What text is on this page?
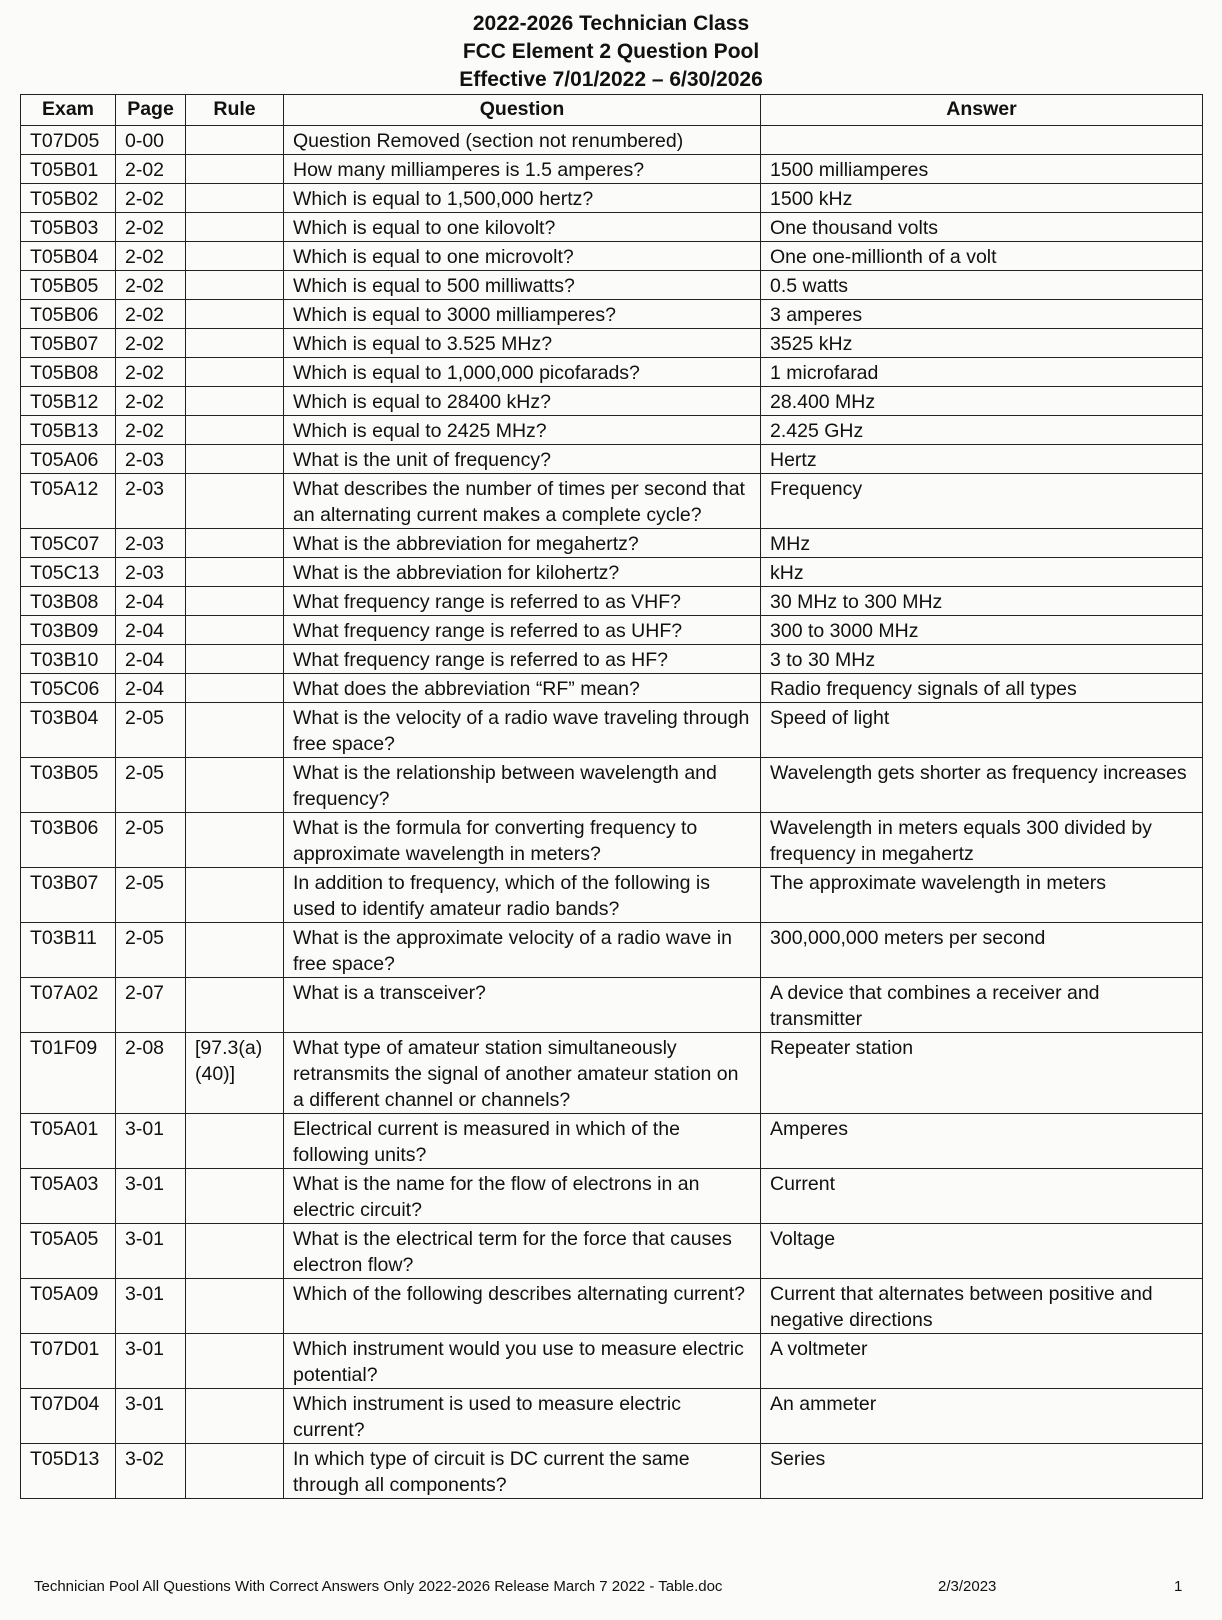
2022-2026 Technician Class
FCC Element 2 Question Pool
Effective 7/01/2022 – 6/30/2026
Exam	Page	Rule	Question	Answer
T07D05	0-00		Question Removed (section not renumbered)	
T05B01	2-02		How many milliamperes is 1.5 amperes?	1500 milliamperes
T05B02	2-02		Which is equal to 1,500,000 hertz?	1500 kHz
T05B03	2-02		Which is equal to one kilovolt?	One thousand volts
T05B04	2-02		Which is equal to one microvolt?	One one-millionth of a volt
T05B05	2-02		Which is equal to 500 milliwatts?	0.5 watts
T05B06	2-02		Which is equal to 3000 milliamperes?	3 amperes
T05B07	2-02		Which is equal to 3.525 MHz?	3525 kHz
T05B08	2-02		Which is equal to 1,000,000 picofarads?	1 microfarad
T05B12	2-02		Which is equal to 28400 kHz?	28.400 MHz
T05B13	2-02		Which is equal to 2425 MHz?	2.425 GHz
T05A06	2-03		What is the unit of frequency?	Hertz
T05A12	2-03		What describes the number of times per second that an alternating current makes a complete cycle?	Frequency
T05C07	2-03		What is the abbreviation for megahertz?	MHz
T05C13	2-03		What is the abbreviation for kilohertz?	kHz
T03B08	2-04		What frequency range is referred to as VHF?	30 MHz to 300 MHz
T03B09	2-04		What frequency range is referred to as UHF?	300 to 3000 MHz
T03B10	2-04		What frequency range is referred to as HF?	3 to 30 MHz
T05C06	2-04		What does the abbreviation “RF” mean?	Radio frequency signals of all types
T03B04	2-05		What is the velocity of a radio wave traveling through free space?	Speed of light
T03B05	2-05		What is the relationship between wavelength and frequency?	Wavelength gets shorter as frequency increases
T03B06	2-05		What is the formula for converting frequency to approximate wavelength in meters?	Wavelength in meters equals 300 divided by frequency in megahertz
T03B07	2-05		In addition to frequency, which of the following is used to identify amateur radio bands?	The approximate wavelength in meters
T03B11	2-05		What is the approximate velocity of a radio wave in free space?	300,000,000 meters per second
T07A02	2-07		What is a transceiver?	A device that combines a receiver and transmitter
T01F09	2-08	[97.3(a)(40)]	What type of amateur station simultaneously retransmits the signal of another amateur station on a different channel or channels?	Repeater station
T05A01	3-01		Electrical current is measured in which of the following units?	Amperes
T05A03	3-01		What is the name for the flow of electrons in an electric circuit?	Current
T05A05	3-01		What is the electrical term for the force that causes electron flow?	Voltage
T05A09	3-01		Which of the following describes alternating current?	Current that alternates between positive and negative directions
T07D01	3-01		Which instrument would you use to measure electric potential?	A voltmeter
T07D04	3-01		Which instrument is used to measure electric current?	An ammeter
T05D13	3-02		In which type of circuit is DC current the same through all components?	Series
Technician Pool All Questions With Correct Answers Only 2022-2026 Release March 7 2022 - Table.doc	2/3/2023	1
